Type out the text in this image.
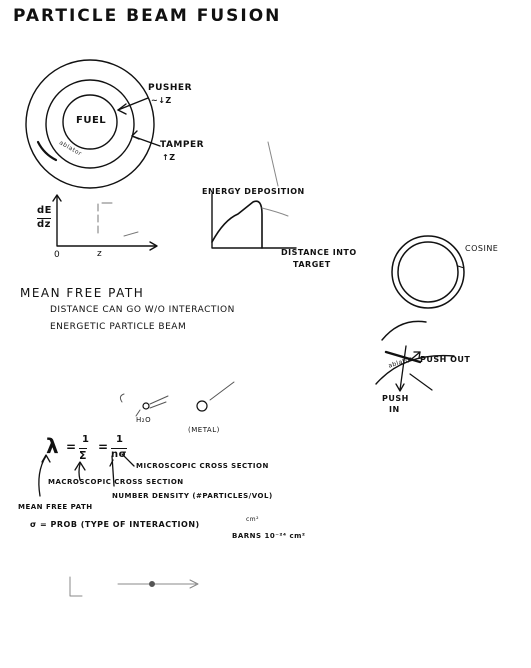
PARTICLE BEAM FUSION
FUEL
PUSHER
~↓Z
TAMPER
↑Z
ablator
dE
dz
0	z
ENERGY DEPOSITION
DISTANCE INTO
TARGET
COSINE
PUSH OUT
ablator
PUSH
IN
MEAN FREE PATH
DISTANCE CAN GO W/O INTERACTION
ENERGETIC PARTICLE BEAM
H₂O
(METAL)
λ =
1
Σ
=
1
nσ
MICROSCOPIC CROSS SECTION
MACROSCOPIC CROSS SECTION
NUMBER DENSITY (#PARTICLES/VOL)
MEAN FREE PATH
σ = PROB (TYPE OF INTERACTION)
cm²
BARNS 10⁻²⁴ cm²
